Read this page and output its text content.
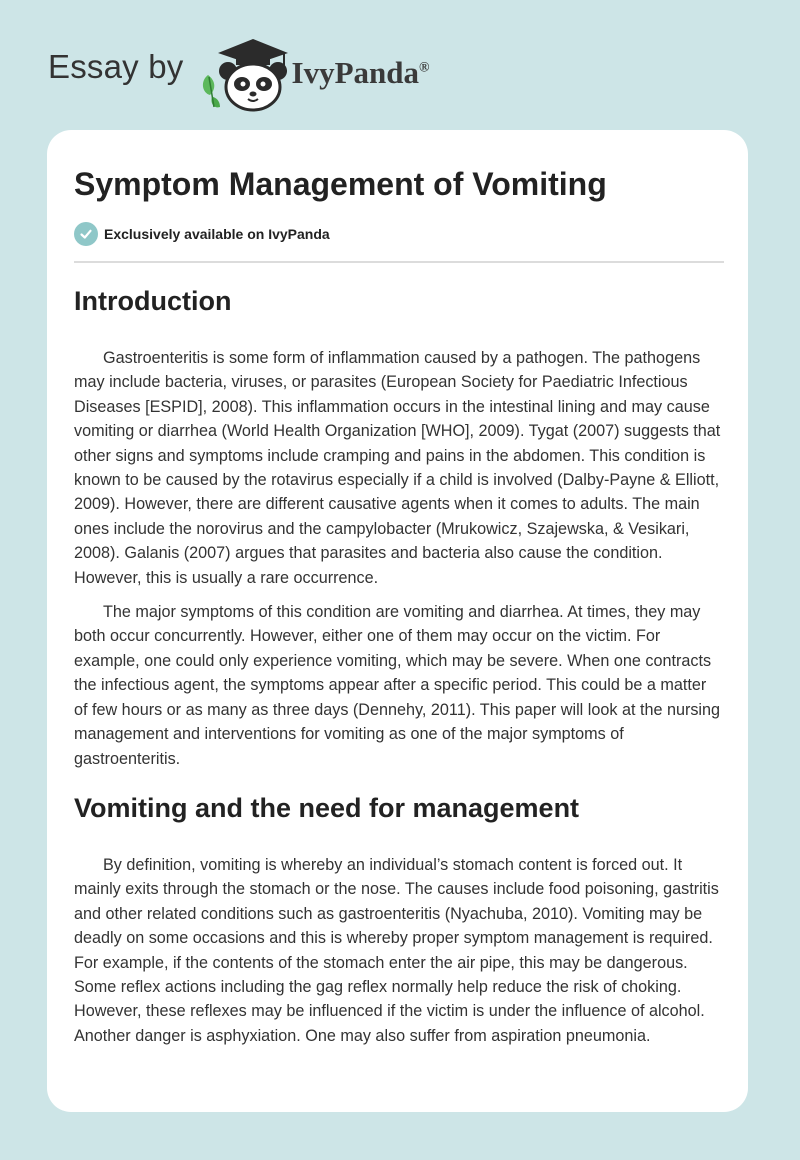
Essay by	IvyPanda®
Symptom Management of Vomiting
Exclusively available on IvyPanda
Introduction

Gastroenteritis is some form of inflammation caused by a pathogen. The pathogens may include bacteria, viruses, or parasites (European Society for Paediatric Infectious Diseases [ESPID], 2008). This inflammation occurs in the intestinal lining and may cause vomiting or diarrhea (World Health Organization [WHO], 2009). Tygat (2007) suggests that other signs and symptoms include cramping and pains in the abdomen. This condition is known to be caused by the rotavirus especially if a child is involved (Dalby-Payne & Elliott, 2009). However, there are different causative agents when it comes to adults. The main ones include the norovirus and the campylobacter (Mrukowicz, Szajewska, & Vesikari, 2008). Galanis (2007) argues that parasites and bacteria also cause the condition. However, this is usually a rare occurrence.

The major symptoms of this condition are vomiting and diarrhea. At times, they may both occur concurrently. However, either one of them may occur on the victim. For example, one could only experience vomiting, which may be severe. When one contracts the infectious agent, the symptoms appear after a specific period. This could be a matter of few hours or as many as three days (Dennehy, 2011). This paper will look at the nursing management and interventions for vomiting as one of the major symptoms of gastroenteritis.

Vomiting and the need for management

By definition, vomiting is whereby an individual’s stomach content is forced out. It mainly exits through the stomach or the nose. The causes include food poisoning, gastritis and other related conditions such as gastroenteritis (Nyachuba, 2010). Vomiting may be deadly on some occasions and this is whereby proper symptom management is required. For example, if the contents of the stomach enter the air pipe, this may be dangerous. Some reflex actions including the gag reflex normally help reduce the risk of choking. However, these reflexes may be influenced if the victim is under the influence of alcohol. Another danger is asphyxiation. One may also suffer from aspiration pneumonia.
